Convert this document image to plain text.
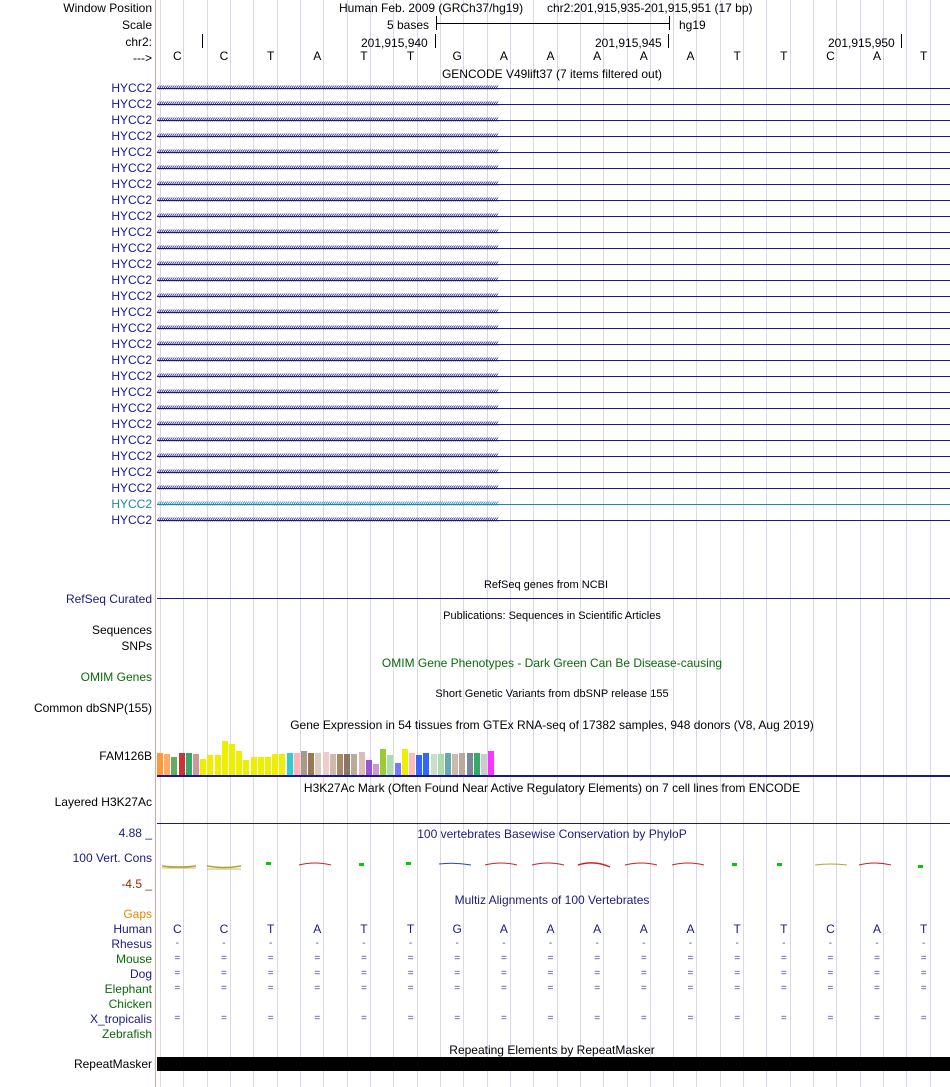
Window Position	Human Feb. 2009 (GRCh37/hg19) chr2:201,915,935-201,915,951 (17 bp)
Scale	5 bases	hg19
chr2:	201,915,940	201,915,945	201,915,950
---> C	C	T	A	T	T	G	A	A	A	A	A	T	T	C	A	T
GENCODE V49lift37 (7 items filtered out)
HYCC2 ‹‹‹‹‹‹‹‹‹‹‹‹‹‹‹‹‹‹‹‹‹‹‹‹‹‹‹‹‹‹‹‹‹‹‹‹‹‹‹‹‹‹‹‹‹‹‹‹‹‹‹‹‹‹‹‹‹‹‹‹‹‹‹‹‹‹‹‹‹‹‹‹‹‹‹‹‹‹‹‹‹‹‹‹‹‹‹‹‹‹‹‹‹‹‹‹‹‹‹‹‹‹‹‹‹‹‹‹‹‹‹‹‹‹‹‹‹‹‹‹‹‹‹‹‹‹‹‹‹‹‹‹‹‹‹‹‹‹‹‹‹‹‹‹‹‹‹‹‹‹‹‹‹‹‹‹‹‹‹‹
HYCC2 ‹‹‹‹‹‹‹‹‹‹‹‹‹‹‹‹‹‹‹‹‹‹‹‹‹‹‹‹‹‹‹‹‹‹‹‹‹‹‹‹‹‹‹‹‹‹‹‹‹‹‹‹‹‹‹‹‹‹‹‹‹‹‹‹‹‹‹‹‹‹‹‹‹‹‹‹‹‹‹‹‹‹‹‹‹‹‹‹‹‹‹‹‹‹‹‹‹‹‹‹‹‹‹‹‹‹‹‹‹‹‹‹‹‹‹‹‹‹‹‹‹‹‹‹‹‹‹‹‹‹‹‹‹‹‹‹‹‹‹‹‹‹‹‹‹‹‹‹‹‹‹‹‹‹‹‹‹‹‹‹
HYCC2 ‹‹‹‹‹‹‹‹‹‹‹‹‹‹‹‹‹‹‹‹‹‹‹‹‹‹‹‹‹‹‹‹‹‹‹‹‹‹‹‹‹‹‹‹‹‹‹‹‹‹‹‹‹‹‹‹‹‹‹‹‹‹‹‹‹‹‹‹‹‹‹‹‹‹‹‹‹‹‹‹‹‹‹‹‹‹‹‹‹‹‹‹‹‹‹‹‹‹‹‹‹‹‹‹‹‹‹‹‹‹‹‹‹‹‹‹‹‹‹‹‹‹‹‹‹‹‹‹‹‹‹‹‹‹‹‹‹‹‹‹‹‹‹‹‹‹‹‹‹‹‹‹‹‹‹‹‹‹‹‹
HYCC2 ‹‹‹‹‹‹‹‹‹‹‹‹‹‹‹‹‹‹‹‹‹‹‹‹‹‹‹‹‹‹‹‹‹‹‹‹‹‹‹‹‹‹‹‹‹‹‹‹‹‹‹‹‹‹‹‹‹‹‹‹‹‹‹‹‹‹‹‹‹‹‹‹‹‹‹‹‹‹‹‹‹‹‹‹‹‹‹‹‹‹‹‹‹‹‹‹‹‹‹‹‹‹‹‹‹‹‹‹‹‹‹‹‹‹‹‹‹‹‹‹‹‹‹‹‹‹‹‹‹‹‹‹‹‹‹‹‹‹‹‹‹‹‹‹‹‹‹‹‹‹‹‹‹‹‹‹‹‹‹‹
HYCC2 ‹‹‹‹‹‹‹‹‹‹‹‹‹‹‹‹‹‹‹‹‹‹‹‹‹‹‹‹‹‹‹‹‹‹‹‹‹‹‹‹‹‹‹‹‹‹‹‹‹‹‹‹‹‹‹‹‹‹‹‹‹‹‹‹‹‹‹‹‹‹‹‹‹‹‹‹‹‹‹‹‹‹‹‹‹‹‹‹‹‹‹‹‹‹‹‹‹‹‹‹‹‹‹‹‹‹‹‹‹‹‹‹‹‹‹‹‹‹‹‹‹‹‹‹‹‹‹‹‹‹‹‹‹‹‹‹‹‹‹‹‹‹‹‹‹‹‹‹‹‹‹‹‹‹‹‹‹‹‹‹
HYCC2 ‹‹‹‹‹‹‹‹‹‹‹‹‹‹‹‹‹‹‹‹‹‹‹‹‹‹‹‹‹‹‹‹‹‹‹‹‹‹‹‹‹‹‹‹‹‹‹‹‹‹‹‹‹‹‹‹‹‹‹‹‹‹‹‹‹‹‹‹‹‹‹‹‹‹‹‹‹‹‹‹‹‹‹‹‹‹‹‹‹‹‹‹‹‹‹‹‹‹‹‹‹‹‹‹‹‹‹‹‹‹‹‹‹‹‹‹‹‹‹‹‹‹‹‹‹‹‹‹‹‹‹‹‹‹‹‹‹‹‹‹‹‹‹‹‹‹‹‹‹‹‹‹‹‹‹‹‹‹‹‹
HYCC2 ‹‹‹‹‹‹‹‹‹‹‹‹‹‹‹‹‹‹‹‹‹‹‹‹‹‹‹‹‹‹‹‹‹‹‹‹‹‹‹‹‹‹‹‹‹‹‹‹‹‹‹‹‹‹‹‹‹‹‹‹‹‹‹‹‹‹‹‹‹‹‹‹‹‹‹‹‹‹‹‹‹‹‹‹‹‹‹‹‹‹‹‹‹‹‹‹‹‹‹‹‹‹‹‹‹‹‹‹‹‹‹‹‹‹‹‹‹‹‹‹‹‹‹‹‹‹‹‹‹‹‹‹‹‹‹‹‹‹‹‹‹‹‹‹‹‹‹‹‹‹‹‹‹‹‹‹‹‹‹‹
HYCC2 ‹‹‹‹‹‹‹‹‹‹‹‹‹‹‹‹‹‹‹‹‹‹‹‹‹‹‹‹‹‹‹‹‹‹‹‹‹‹‹‹‹‹‹‹‹‹‹‹‹‹‹‹‹‹‹‹‹‹‹‹‹‹‹‹‹‹‹‹‹‹‹‹‹‹‹‹‹‹‹‹‹‹‹‹‹‹‹‹‹‹‹‹‹‹‹‹‹‹‹‹‹‹‹‹‹‹‹‹‹‹‹‹‹‹‹‹‹‹‹‹‹‹‹‹‹‹‹‹‹‹‹‹‹‹‹‹‹‹‹‹‹‹‹‹‹‹‹‹‹‹‹‹‹‹‹‹‹‹‹‹
HYCC2 ‹‹‹‹‹‹‹‹‹‹‹‹‹‹‹‹‹‹‹‹‹‹‹‹‹‹‹‹‹‹‹‹‹‹‹‹‹‹‹‹‹‹‹‹‹‹‹‹‹‹‹‹‹‹‹‹‹‹‹‹‹‹‹‹‹‹‹‹‹‹‹‹‹‹‹‹‹‹‹‹‹‹‹‹‹‹‹‹‹‹‹‹‹‹‹‹‹‹‹‹‹‹‹‹‹‹‹‹‹‹‹‹‹‹‹‹‹‹‹‹‹‹‹‹‹‹‹‹‹‹‹‹‹‹‹‹‹‹‹‹‹‹‹‹‹‹‹‹‹‹‹‹‹‹‹‹‹‹‹‹
HYCC2 ‹‹‹‹‹‹‹‹‹‹‹‹‹‹‹‹‹‹‹‹‹‹‹‹‹‹‹‹‹‹‹‹‹‹‹‹‹‹‹‹‹‹‹‹‹‹‹‹‹‹‹‹‹‹‹‹‹‹‹‹‹‹‹‹‹‹‹‹‹‹‹‹‹‹‹‹‹‹‹‹‹‹‹‹‹‹‹‹‹‹‹‹‹‹‹‹‹‹‹‹‹‹‹‹‹‹‹‹‹‹‹‹‹‹‹‹‹‹‹‹‹‹‹‹‹‹‹‹‹‹‹‹‹‹‹‹‹‹‹‹‹‹‹‹‹‹‹‹‹‹‹‹‹‹‹‹‹‹‹‹
HYCC2 ‹‹‹‹‹‹‹‹‹‹‹‹‹‹‹‹‹‹‹‹‹‹‹‹‹‹‹‹‹‹‹‹‹‹‹‹‹‹‹‹‹‹‹‹‹‹‹‹‹‹‹‹‹‹‹‹‹‹‹‹‹‹‹‹‹‹‹‹‹‹‹‹‹‹‹‹‹‹‹‹‹‹‹‹‹‹‹‹‹‹‹‹‹‹‹‹‹‹‹‹‹‹‹‹‹‹‹‹‹‹‹‹‹‹‹‹‹‹‹‹‹‹‹‹‹‹‹‹‹‹‹‹‹‹‹‹‹‹‹‹‹‹‹‹‹‹‹‹‹‹‹‹‹‹‹‹‹‹‹‹
HYCC2 ‹‹‹‹‹‹‹‹‹‹‹‹‹‹‹‹‹‹‹‹‹‹‹‹‹‹‹‹‹‹‹‹‹‹‹‹‹‹‹‹‹‹‹‹‹‹‹‹‹‹‹‹‹‹‹‹‹‹‹‹‹‹‹‹‹‹‹‹‹‹‹‹‹‹‹‹‹‹‹‹‹‹‹‹‹‹‹‹‹‹‹‹‹‹‹‹‹‹‹‹‹‹‹‹‹‹‹‹‹‹‹‹‹‹‹‹‹‹‹‹‹‹‹‹‹‹‹‹‹‹‹‹‹‹‹‹‹‹‹‹‹‹‹‹‹‹‹‹‹‹‹‹‹‹‹‹‹‹‹‹
HYCC2 ‹‹‹‹‹‹‹‹‹‹‹‹‹‹‹‹‹‹‹‹‹‹‹‹‹‹‹‹‹‹‹‹‹‹‹‹‹‹‹‹‹‹‹‹‹‹‹‹‹‹‹‹‹‹‹‹‹‹‹‹‹‹‹‹‹‹‹‹‹‹‹‹‹‹‹‹‹‹‹‹‹‹‹‹‹‹‹‹‹‹‹‹‹‹‹‹‹‹‹‹‹‹‹‹‹‹‹‹‹‹‹‹‹‹‹‹‹‹‹‹‹‹‹‹‹‹‹‹‹‹‹‹‹‹‹‹‹‹‹‹‹‹‹‹‹‹‹‹‹‹‹‹‹‹‹‹‹‹‹‹
HYCC2 ‹‹‹‹‹‹‹‹‹‹‹‹‹‹‹‹‹‹‹‹‹‹‹‹‹‹‹‹‹‹‹‹‹‹‹‹‹‹‹‹‹‹‹‹‹‹‹‹‹‹‹‹‹‹‹‹‹‹‹‹‹‹‹‹‹‹‹‹‹‹‹‹‹‹‹‹‹‹‹‹‹‹‹‹‹‹‹‹‹‹‹‹‹‹‹‹‹‹‹‹‹‹‹‹‹‹‹‹‹‹‹‹‹‹‹‹‹‹‹‹‹‹‹‹‹‹‹‹‹‹‹‹‹‹‹‹‹‹‹‹‹‹‹‹‹‹‹‹‹‹‹‹‹‹‹‹‹‹‹‹
HYCC2 ‹‹‹‹‹‹‹‹‹‹‹‹‹‹‹‹‹‹‹‹‹‹‹‹‹‹‹‹‹‹‹‹‹‹‹‹‹‹‹‹‹‹‹‹‹‹‹‹‹‹‹‹‹‹‹‹‹‹‹‹‹‹‹‹‹‹‹‹‹‹‹‹‹‹‹‹‹‹‹‹‹‹‹‹‹‹‹‹‹‹‹‹‹‹‹‹‹‹‹‹‹‹‹‹‹‹‹‹‹‹‹‹‹‹‹‹‹‹‹‹‹‹‹‹‹‹‹‹‹‹‹‹‹‹‹‹‹‹‹‹‹‹‹‹‹‹‹‹‹‹‹‹‹‹‹‹‹‹‹‹
HYCC2 ‹‹‹‹‹‹‹‹‹‹‹‹‹‹‹‹‹‹‹‹‹‹‹‹‹‹‹‹‹‹‹‹‹‹‹‹‹‹‹‹‹‹‹‹‹‹‹‹‹‹‹‹‹‹‹‹‹‹‹‹‹‹‹‹‹‹‹‹‹‹‹‹‹‹‹‹‹‹‹‹‹‹‹‹‹‹‹‹‹‹‹‹‹‹‹‹‹‹‹‹‹‹‹‹‹‹‹‹‹‹‹‹‹‹‹‹‹‹‹‹‹‹‹‹‹‹‹‹‹‹‹‹‹‹‹‹‹‹‹‹‹‹‹‹‹‹‹‹‹‹‹‹‹‹‹‹‹‹‹‹
HYCC2 ‹‹‹‹‹‹‹‹‹‹‹‹‹‹‹‹‹‹‹‹‹‹‹‹‹‹‹‹‹‹‹‹‹‹‹‹‹‹‹‹‹‹‹‹‹‹‹‹‹‹‹‹‹‹‹‹‹‹‹‹‹‹‹‹‹‹‹‹‹‹‹‹‹‹‹‹‹‹‹‹‹‹‹‹‹‹‹‹‹‹‹‹‹‹‹‹‹‹‹‹‹‹‹‹‹‹‹‹‹‹‹‹‹‹‹‹‹‹‹‹‹‹‹‹‹‹‹‹‹‹‹‹‹‹‹‹‹‹‹‹‹‹‹‹‹‹‹‹‹‹‹‹‹‹‹‹‹‹‹‹
HYCC2 ‹‹‹‹‹‹‹‹‹‹‹‹‹‹‹‹‹‹‹‹‹‹‹‹‹‹‹‹‹‹‹‹‹‹‹‹‹‹‹‹‹‹‹‹‹‹‹‹‹‹‹‹‹‹‹‹‹‹‹‹‹‹‹‹‹‹‹‹‹‹‹‹‹‹‹‹‹‹‹‹‹‹‹‹‹‹‹‹‹‹‹‹‹‹‹‹‹‹‹‹‹‹‹‹‹‹‹‹‹‹‹‹‹‹‹‹‹‹‹‹‹‹‹‹‹‹‹‹‹‹‹‹‹‹‹‹‹‹‹‹‹‹‹‹‹‹‹‹‹‹‹‹‹‹‹‹‹‹‹‹
HYCC2 ‹‹‹‹‹‹‹‹‹‹‹‹‹‹‹‹‹‹‹‹‹‹‹‹‹‹‹‹‹‹‹‹‹‹‹‹‹‹‹‹‹‹‹‹‹‹‹‹‹‹‹‹‹‹‹‹‹‹‹‹‹‹‹‹‹‹‹‹‹‹‹‹‹‹‹‹‹‹‹‹‹‹‹‹‹‹‹‹‹‹‹‹‹‹‹‹‹‹‹‹‹‹‹‹‹‹‹‹‹‹‹‹‹‹‹‹‹‹‹‹‹‹‹‹‹‹‹‹‹‹‹‹‹‹‹‹‹‹‹‹‹‹‹‹‹‹‹‹‹‹‹‹‹‹‹‹‹‹‹‹
HYCC2 ‹‹‹‹‹‹‹‹‹‹‹‹‹‹‹‹‹‹‹‹‹‹‹‹‹‹‹‹‹‹‹‹‹‹‹‹‹‹‹‹‹‹‹‹‹‹‹‹‹‹‹‹‹‹‹‹‹‹‹‹‹‹‹‹‹‹‹‹‹‹‹‹‹‹‹‹‹‹‹‹‹‹‹‹‹‹‹‹‹‹‹‹‹‹‹‹‹‹‹‹‹‹‹‹‹‹‹‹‹‹‹‹‹‹‹‹‹‹‹‹‹‹‹‹‹‹‹‹‹‹‹‹‹‹‹‹‹‹‹‹‹‹‹‹‹‹‹‹‹‹‹‹‹‹‹‹‹‹‹‹
HYCC2 ‹‹‹‹‹‹‹‹‹‹‹‹‹‹‹‹‹‹‹‹‹‹‹‹‹‹‹‹‹‹‹‹‹‹‹‹‹‹‹‹‹‹‹‹‹‹‹‹‹‹‹‹‹‹‹‹‹‹‹‹‹‹‹‹‹‹‹‹‹‹‹‹‹‹‹‹‹‹‹‹‹‹‹‹‹‹‹‹‹‹‹‹‹‹‹‹‹‹‹‹‹‹‹‹‹‹‹‹‹‹‹‹‹‹‹‹‹‹‹‹‹‹‹‹‹‹‹‹‹‹‹‹‹‹‹‹‹‹‹‹‹‹‹‹‹‹‹‹‹‹‹‹‹‹‹‹‹‹‹‹
HYCC2 ‹‹‹‹‹‹‹‹‹‹‹‹‹‹‹‹‹‹‹‹‹‹‹‹‹‹‹‹‹‹‹‹‹‹‹‹‹‹‹‹‹‹‹‹‹‹‹‹‹‹‹‹‹‹‹‹‹‹‹‹‹‹‹‹‹‹‹‹‹‹‹‹‹‹‹‹‹‹‹‹‹‹‹‹‹‹‹‹‹‹‹‹‹‹‹‹‹‹‹‹‹‹‹‹‹‹‹‹‹‹‹‹‹‹‹‹‹‹‹‹‹‹‹‹‹‹‹‹‹‹‹‹‹‹‹‹‹‹‹‹‹‹‹‹‹‹‹‹‹‹‹‹‹‹‹‹‹‹‹‹
HYCC2 ‹‹‹‹‹‹‹‹‹‹‹‹‹‹‹‹‹‹‹‹‹‹‹‹‹‹‹‹‹‹‹‹‹‹‹‹‹‹‹‹‹‹‹‹‹‹‹‹‹‹‹‹‹‹‹‹‹‹‹‹‹‹‹‹‹‹‹‹‹‹‹‹‹‹‹‹‹‹‹‹‹‹‹‹‹‹‹‹‹‹‹‹‹‹‹‹‹‹‹‹‹‹‹‹‹‹‹‹‹‹‹‹‹‹‹‹‹‹‹‹‹‹‹‹‹‹‹‹‹‹‹‹‹‹‹‹‹‹‹‹‹‹‹‹‹‹‹‹‹‹‹‹‹‹‹‹‹‹‹‹
HYCC2 ‹‹‹‹‹‹‹‹‹‹‹‹‹‹‹‹‹‹‹‹‹‹‹‹‹‹‹‹‹‹‹‹‹‹‹‹‹‹‹‹‹‹‹‹‹‹‹‹‹‹‹‹‹‹‹‹‹‹‹‹‹‹‹‹‹‹‹‹‹‹‹‹‹‹‹‹‹‹‹‹‹‹‹‹‹‹‹‹‹‹‹‹‹‹‹‹‹‹‹‹‹‹‹‹‹‹‹‹‹‹‹‹‹‹‹‹‹‹‹‹‹‹‹‹‹‹‹‹‹‹‹‹‹‹‹‹‹‹‹‹‹‹‹‹‹‹‹‹‹‹‹‹‹‹‹‹‹‹‹‹
HYCC2 ‹‹‹‹‹‹‹‹‹‹‹‹‹‹‹‹‹‹‹‹‹‹‹‹‹‹‹‹‹‹‹‹‹‹‹‹‹‹‹‹‹‹‹‹‹‹‹‹‹‹‹‹‹‹‹‹‹‹‹‹‹‹‹‹‹‹‹‹‹‹‹‹‹‹‹‹‹‹‹‹‹‹‹‹‹‹‹‹‹‹‹‹‹‹‹‹‹‹‹‹‹‹‹‹‹‹‹‹‹‹‹‹‹‹‹‹‹‹‹‹‹‹‹‹‹‹‹‹‹‹‹‹‹‹‹‹‹‹‹‹‹‹‹‹‹‹‹‹‹‹‹‹‹‹‹‹‹‹‹‹
HYCC2 ‹‹‹‹‹‹‹‹‹‹‹‹‹‹‹‹‹‹‹‹‹‹‹‹‹‹‹‹‹‹‹‹‹‹‹‹‹‹‹‹‹‹‹‹‹‹‹‹‹‹‹‹‹‹‹‹‹‹‹‹‹‹‹‹‹‹‹‹‹‹‹‹‹‹‹‹‹‹‹‹‹‹‹‹‹‹‹‹‹‹‹‹‹‹‹‹‹‹‹‹‹‹‹‹‹‹‹‹‹‹‹‹‹‹‹‹‹‹‹‹‹‹‹‹‹‹‹‹‹‹‹‹‹‹‹‹‹‹‹‹‹‹‹‹‹‹‹‹‹‹‹‹‹‹‹‹‹‹‹‹
HYCC2 ‹‹‹‹‹‹‹‹‹‹‹‹‹‹‹‹‹‹‹‹‹‹‹‹‹‹‹‹‹‹‹‹‹‹‹‹‹‹‹‹‹‹‹‹‹‹‹‹‹‹‹‹‹‹‹‹‹‹‹‹‹‹‹‹‹‹‹‹‹‹‹‹‹‹‹‹‹‹‹‹‹‹‹‹‹‹‹‹‹‹‹‹‹‹‹‹‹‹‹‹‹‹‹‹‹‹‹‹‹‹‹‹‹‹‹‹‹‹‹‹‹‹‹‹‹‹‹‹‹‹‹‹‹‹‹‹‹‹‹‹‹‹‹‹‹‹‹‹‹‹‹‹‹‹‹‹‹‹‹‹
HYCC2 ‹‹‹‹‹‹‹‹‹‹‹‹‹‹‹‹‹‹‹‹‹‹‹‹‹‹‹‹‹‹‹‹‹‹‹‹‹‹‹‹‹‹‹‹‹‹‹‹‹‹‹‹‹‹‹‹‹‹‹‹‹‹‹‹‹‹‹‹‹‹‹‹‹‹‹‹‹‹‹‹‹‹‹‹‹‹‹‹‹‹‹‹‹‹‹‹‹‹‹‹‹‹‹‹‹‹‹‹‹‹‹‹‹‹‹‹‹‹‹‹‹‹‹‹‹‹‹‹‹‹‹‹‹‹‹‹‹‹‹‹‹‹‹‹‹‹‹‹‹‹‹‹‹‹‹‹‹‹‹‹
RefSeq genes from NCBI
RefSeq Curated
Publications: Sequences in Scientific Articles
Sequences
SNPs
OMIM Gene Phenotypes - Dark Green Can Be Disease-causing
OMIM Genes
Short Genetic Variants from dbSNP release 155
Common dbSNP(155)
Gene Expression in 54 tissues from GTEx RNA-seq of 17382 samples, 948 donors (V8, Aug 2019)
FAM126B
H3K27Ac Mark (Often Found Near Active Regulatory Elements) on 7 cell lines from ENCODE
Layered H3K27Ac
100 vertebrates Basewise Conservation by PhyloP
4.88 _
100 Vert. Cons
-4.5 _
Multiz Alignments of 100 Vertebrates
Gaps
Human C	C	T	A	T	T	G	A	A	A	A	A	T	T	C	A	T
Rhesus -	-	-	-	-	-	-	-	-	-	-	-	-	-	-	-	-
Mouse =	=	=	=	=	=	=	=	=	=	=	=	=	=	=	=	=
Dog =	=	=	=	=	=	=	=	=	=	=	=	=	=	=	=	=
Elephant =	=	=	=	=	=	=	=	=	=	=	=	=	=	=	=	=
Chicken
X_tropicalis =	=	=	=	=	=	=	=	=	=	=	=	=	=	=	=	=
Zebrafish
Repeating Elements by RepeatMasker
RepeatMasker
